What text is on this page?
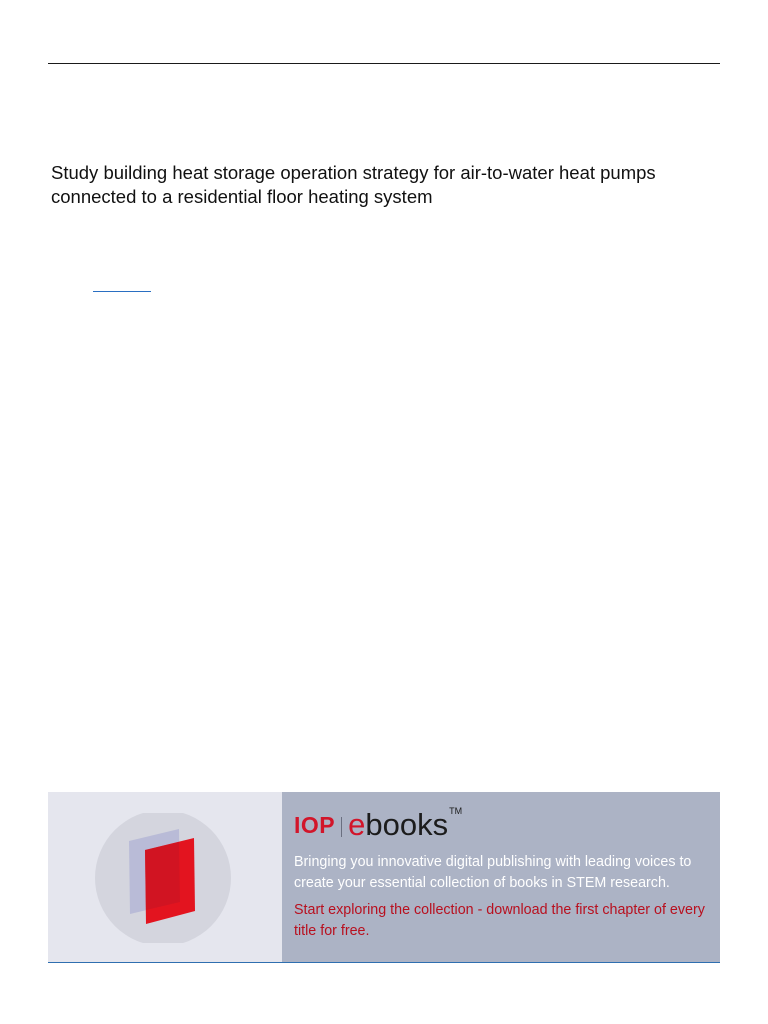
Study building heat storage operation strategy for air-to-water heat pumps connected to a residential floor heating system
IOP e books TM

Bringing you innovative digital publishing with leading voices to create your essential collection of books in STEM research.

Start exploring the collection - download the first chapter of every title for free.
